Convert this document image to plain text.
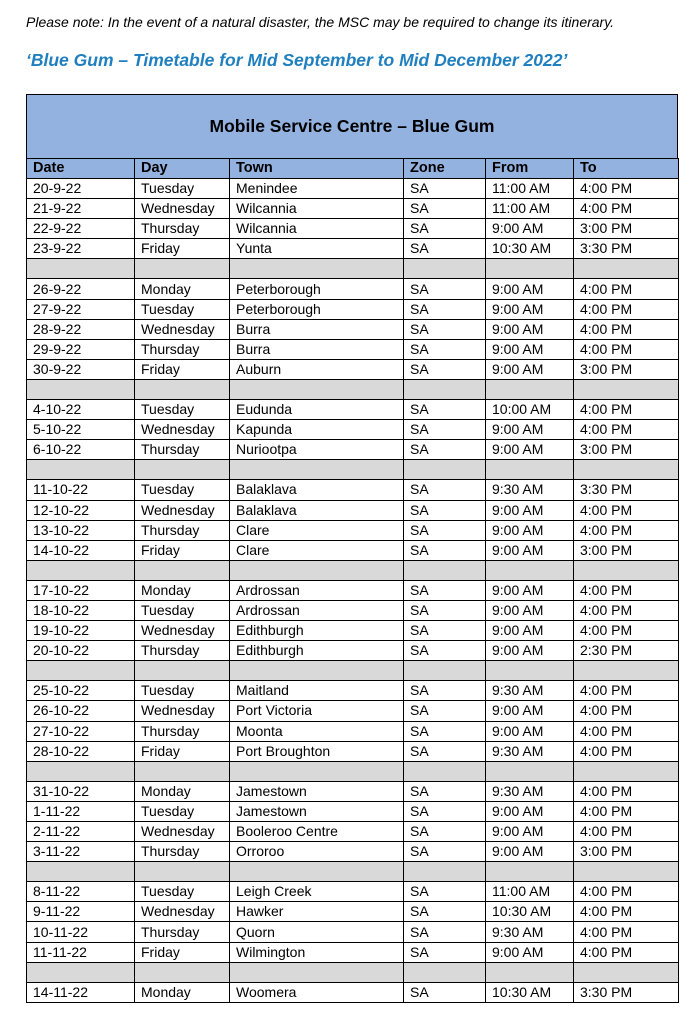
Please note: In the event of a natural disaster, the MSC may be required to change its itinerary.
‘Blue Gum – Timetable for Mid September to Mid December 2022’
Mobile Service Centre – Blue Gum
Date	Day	Town	Zone	From	To
20-9-22	Tuesday	Menindee	SA	11:00 AM	4:00 PM
21-9-22	Wednesday	Wilcannia	SA	11:00 AM	4:00 PM
22-9-22	Thursday	Wilcannia	SA	9:00 AM	3:00 PM
23-9-22	Friday	Yunta	SA	10:30 AM	3:30 PM

26-9-22	Monday	Peterborough	SA	9:00 AM	4:00 PM
27-9-22	Tuesday	Peterborough	SA	9:00 AM	4:00 PM
28-9-22	Wednesday	Burra	SA	9:00 AM	4:00 PM
29-9-22	Thursday	Burra	SA	9:00 AM	4:00 PM
30-9-22	Friday	Auburn	SA	9:00 AM	3:00 PM

4-10-22	Tuesday	Eudunda	SA	10:00 AM	4:00 PM
5-10-22	Wednesday	Kapunda	SA	9:00 AM	4:00 PM
6-10-22	Thursday	Nuriootpa	SA	9:00 AM	3:00 PM

11-10-22	Tuesday	Balaklava	SA	9:30 AM	3:30 PM
12-10-22	Wednesday	Balaklava	SA	9:00 AM	4:00 PM
13-10-22	Thursday	Clare	SA	9:00 AM	4:00 PM
14-10-22	Friday	Clare	SA	9:00 AM	3:00 PM

17-10-22	Monday	Ardrossan	SA	9:00 AM	4:00 PM
18-10-22	Tuesday	Ardrossan	SA	9:00 AM	4:00 PM
19-10-22	Wednesday	Edithburgh	SA	9:00 AM	4:00 PM
20-10-22	Thursday	Edithburgh	SA	9:00 AM	2:30 PM

25-10-22	Tuesday	Maitland	SA	9:30 AM	4:00 PM
26-10-22	Wednesday	Port Victoria	SA	9:00 AM	4:00 PM
27-10-22	Thursday	Moonta	SA	9:00 AM	4:00 PM
28-10-22	Friday	Port Broughton	SA	9:30 AM	4:00 PM

31-10-22	Monday	Jamestown	SA	9:30 AM	4:00 PM
1-11-22	Tuesday	Jamestown	SA	9:00 AM	4:00 PM
2-11-22	Wednesday	Booleroo Centre	SA	9:00 AM	4:00 PM
3-11-22	Thursday	Orroroo	SA	9:00 AM	3:00 PM

8-11-22	Tuesday	Leigh Creek	SA	11:00 AM	4:00 PM
9-11-22	Wednesday	Hawker	SA	10:30 AM	4:00 PM
10-11-22	Thursday	Quorn	SA	9:30 AM	4:00 PM
11-11-22	Friday	Wilmington	SA	9:00 AM	4:00 PM

14-11-22	Monday	Woomera	SA	10:30 AM	3:30 PM
